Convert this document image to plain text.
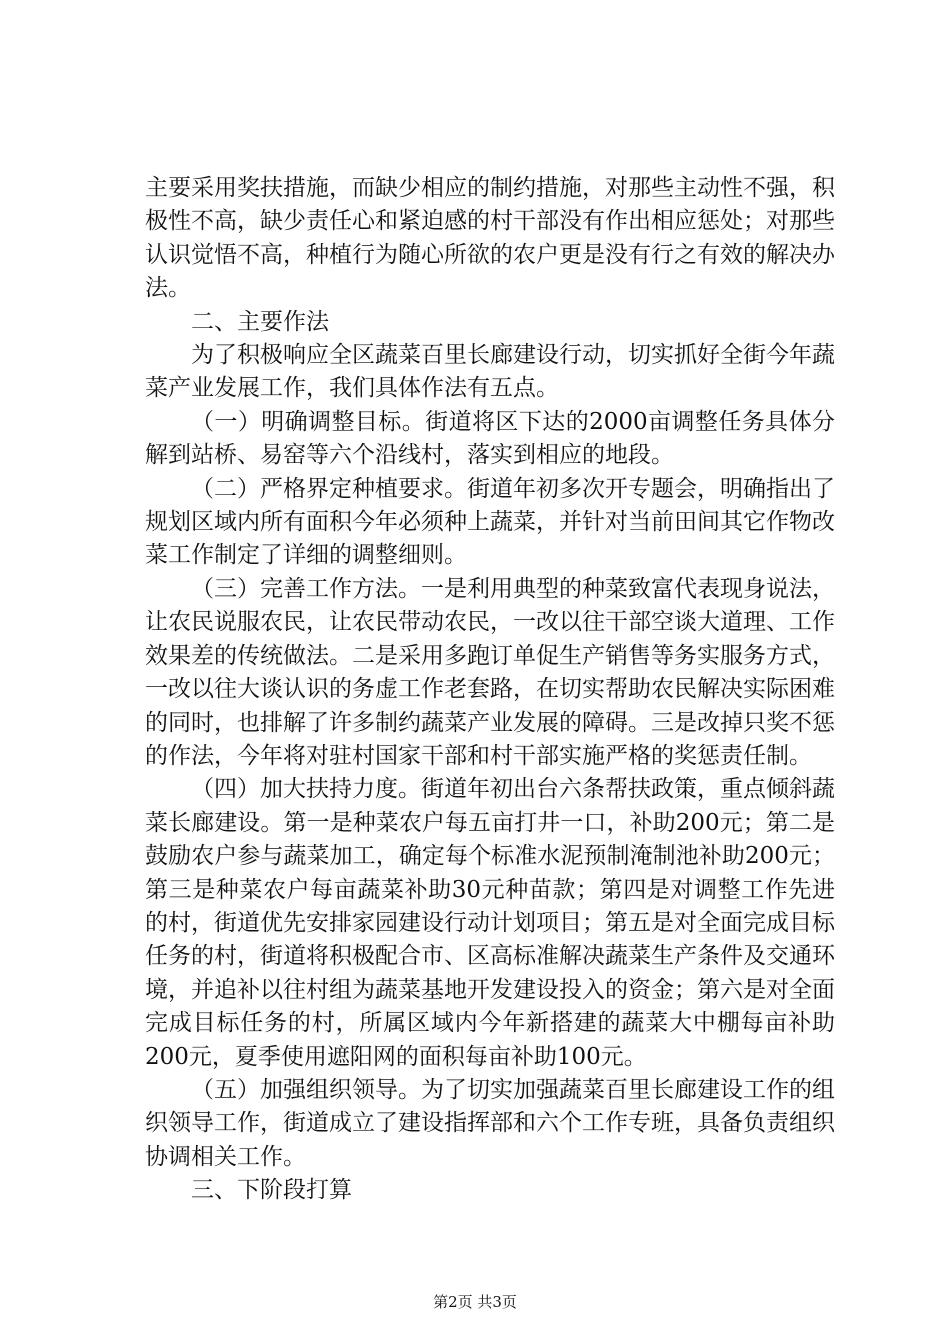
主要采用奖扶措施，而缺少相应的制约措施，对那些主动性不强，积极性不高，缺少责任心和紧迫感的村干部没有作出相应惩处；对那些认识觉悟不高，种植行为随心所欲的农户更是没有行之有效的解决办法。

二、主要作法

为了积极响应全区蔬菜百里长廊建设行动，切实抓好全街今年蔬菜产业发展工作，我们具体作法有五点。

（一）明确调整目标。街道将区下达的2000亩调整任务具体分解到站桥、易窑等六个沿线村，落实到相应的地段。

（二）严格界定种植要求。街道年初多次开专题会，明确指出了规划区域内所有面积今年必须种上蔬菜，并针对当前田间其它作物改菜工作制定了详细的调整细则。

（三）完善工作方法。一是利用典型的种菜致富代表现身说法，让农民说服农民，让农民带动农民，一改以往干部空谈大道理、工作效果差的传统做法。二是采用多跑订单促生产销售等务实服务方式，一改以往大谈认识的务虚工作老套路，在切实帮助农民解决实际困难的同时，也排解了许多制约蔬菜产业发展的障碍。三是改掉只奖不惩的作法，今年将对驻村国家干部和村干部实施严格的奖惩责任制。

（四）加大扶持力度。街道年初出台六条帮扶政策，重点倾斜蔬菜长廊建设。第一是种菜农户每五亩打井一口，补助200元；第二是鼓励农户参与蔬菜加工，确定每个标准水泥预制淹制池补助200元；第三是种菜农户每亩蔬菜补助30元种苗款；第四是对调整工作先进的村，街道优先安排家园建设行动计划项目；第五是对全面完成目标任务的村，街道将积极配合市、区高标准解决蔬菜生产条件及交通环境，并追补以往村组为蔬菜基地开发建设投入的资金；第六是对全面完成目标任务的村，所属区域内今年新搭建的蔬菜大中棚每亩补助200元，夏季使用遮阳网的面积每亩补助100元。

（五）加强组织领导。为了切实加强蔬菜百里长廊建设工作的组织领导工作，街道成立了建设指挥部和六个工作专班，具备负责组织协调相关工作。

三、下阶段打算

第2页 共3页
